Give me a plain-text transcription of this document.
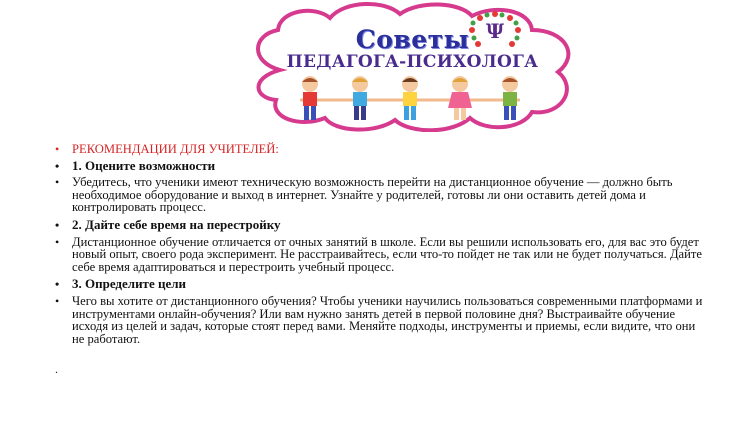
Советы
ПЕДАГОГА-ПСИХОЛОГА
Ψ
•	РЕКОМЕНДАЦИИ ДЛЯ УЧИТЕЛЕЙ:
• 1. Оцените возможности
•	Убедитесь, что ученики имеют техническую возможность перейти на дистанционное обучение — должно быть необходимое оборудование и выход в интернет. Узнайте у родителей, готовы ли они оставить детей дома и контролировать процесс.
• 2. Дайте себе время на перестройку
•	Дистанционное обучение отличается от очных занятий в школе. Если вы решили использовать его, для вас это будет новый опыт, своего рода эксперимент. Не расстраивайтесь, если что-то пойдет не так или не будет получаться. Дайте себе время адаптироваться и перестроить учебный процесс.
• 3. Определите цели
•	Чего вы хотите от дистанционного обучения? Чтобы ученики научились пользоваться современными платформами и инструментами онлайн-обучения? Или вам нужно занять детей в первой половине дня? Выстраивайте обучение исходя из целей и задач, которые стоят перед вами. Меняйте подходы, инструменты и приемы, если видите, что они не работают.
.
